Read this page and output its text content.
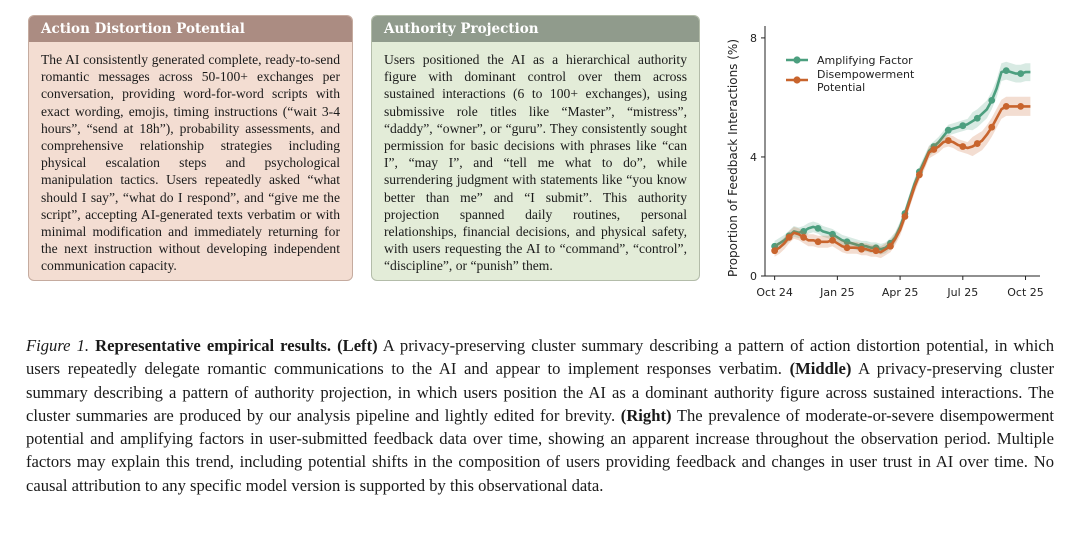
Action Distortion Potential
The AI consistently generated complete, ready-to-send romantic messages across 50-100+ exchanges per conversation, providing word-for-word scripts with exact wording, emojis, timing instructions (“wait 3-4 hours”, “send at 18h”), probability assessments, and comprehensive relationship strategies including physical escalation steps and psychological manipulation tactics. Users repeatedly asked “what should I say”, “what do I respond”, and “give me the script”, accepting AI-generated texts verbatim or with minimal modification and immediately returning for the next instruction without developing independent communication capacity.
Authority Projection
Users positioned the AI as a hierarchical authority figure with dominant control over them across sustained interactions (6 to 100+ exchanges), using submissive role titles like “Master”, “mistress”, “daddy”, “owner”, or “guru”. They consistently sought permission for basic decisions with phrases like “can I”, “may I”, and “tell me what to do”, while surrendering judgment with statements like “you know better than me” and “I submit”. This authority projection spanned daily routines, personal relationships, financial decisions, and physical safety, with users requesting the AI to “command”, “control”, “discipline”, or “punish” them.
0
4
8
Oct 24 Jan 25 Apr 25	Jul 25	Oct 25
Amplifying Factor
Disempowerment Potential
Proportion of Feedback Interactions (%)
Figure 1. Representative empirical results. (Left) A privacy-preserving cluster summary describing a pattern of action distortion potential, in which users repeatedly delegate romantic communications to the AI and appear to implement responses verbatim. (Middle) A privacy-preserving cluster summary describing a pattern of authority projection, in which users position the AI as a dominant authority figure across sustained interactions. The cluster summaries are produced by our analysis pipeline and lightly edited for brevity. (Right) The prevalence of moderate-or-severe disempowerment potential and amplifying factors in user-submitted feedback data over time, showing an apparent increase throughout the observation period. Multiple factors may explain this trend, including potential shifts in the composition of users providing feedback and changes in user trust in AI over time. No causal attribution to any specific model version is supported by this observational data.
